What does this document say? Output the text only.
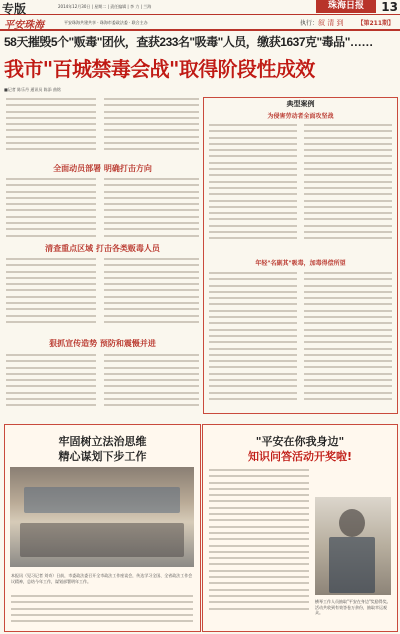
专版	2014年12月30日 | 星期二 | 责任编辑 | 李 力 | 兰海	珠海日报	13
平安珠海	平安珠海共建共享 · 珠海市委政法委 · 联合主办	执行：叙 清 到 【第211期】
58天摧毁5个"贩毒"团伙，查获233名"吸毒"人员，缴获1637克"毒品"……
我市"百城禁毒会战"取得阶段性成效
■记者 陈乐丹 通讯员 陈添 曲铭
全面动员部署 明确打击方向
清查重点区域 打击各类贩毒人员
狠抓宣传造势 预防和震慑并进
典型案例
为侵害劳动者全面攻坚战
年轻"名副其"吸毒，加毒得偿所望
牢固树立法治思维
精心谋划下步工作
本报讯（见习记者 刘奇）日前，市委政法委召开全市政法工作座谈会，传达学习全国、全省政法工作会议精神，总结今年工作，谋划部署明年工作。
"平安在你我身边"
知识问答活动开奖啦!
横琴工作人员抽取"平安在身边"奖励得奖。活动共收到有效答卷万余份，抽取幸运观众。
